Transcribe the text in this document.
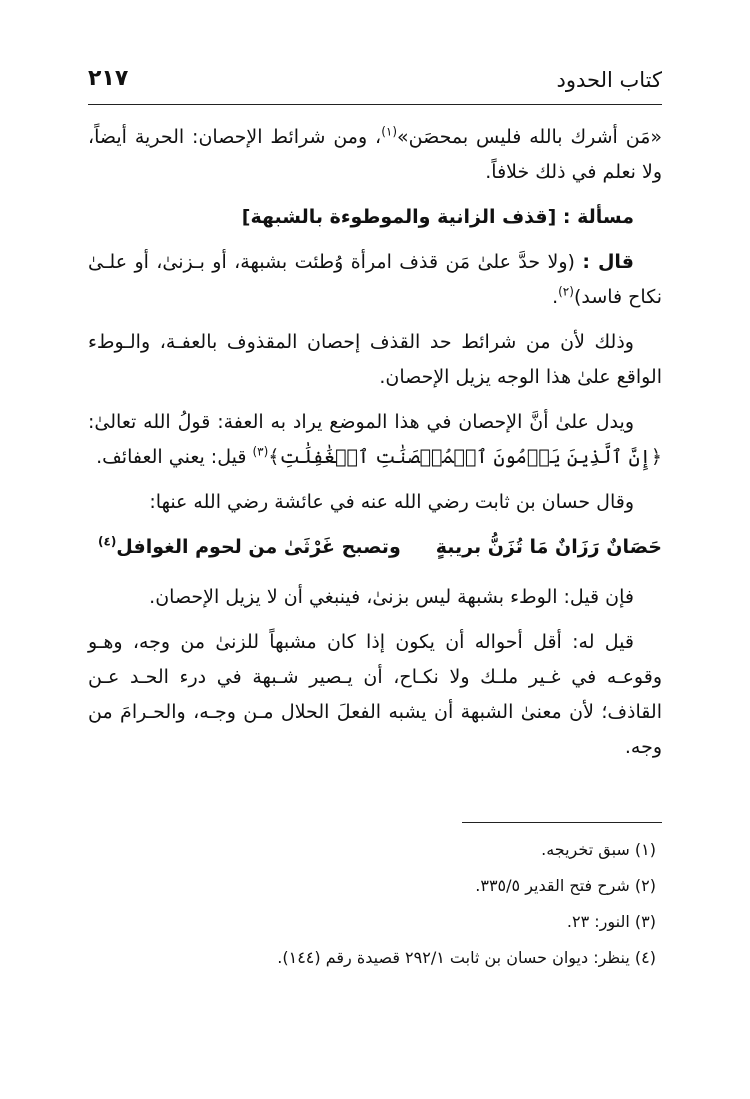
كتاب الحدود
٢١٧

«مَن أشرك بالله فليس بمحصَن»$^{(١)}$، ومن شرائط الإحصان: الحرية أيضاً، ولا نعلم في ذلك خلافاً.

مسألة : [قذف الزانية والموطوءة بالشبهة]

قال : (ولا حدَّ علىٰ مَن قذف امرأة وُطئت بشبهة، أو بـزنىٰ، أو علـىٰ نكاح فاسد)$^{(٢)}$.

وذلك لأن من شرائط حد القذف إحصان المقذوف بالعفـة، والـوطء الواقع علىٰ هذا الوجه يزيل الإحصان.

ويدل علىٰ أنَّ الإحصان في هذا الموضع يراد به العفة: قولُ الله تعالىٰ: ﴿إِنَّ ٱلَّذِينَ يَرۡمُونَ ٱلۡمُحۡصَنَٰتِ ٱلۡغَٰفِلَٰتِ﴾$^{(٣)}$ قيل: يعني العفائف.

وقال حسان بن ثابت رضي الله عنه في عائشة رضي الله عنها:

حَصَانٌ رَزَانٌ مَا تُزَنُّ بريبةٍ
وتصبح غَرْثَىٰ من لحوم الغوافل$^{(٤)}$

فإن قيل: الوطء بشبهة ليس بزنىٰ، فينبغي أن لا يزيل الإحصان.

قيل له: أقل أحواله أن يكون إذا كان مشبهاً للزنىٰ من وجه، وهـو وقوعـه في غـير ملـك ولا نكـاح، أن يـصير شـبهة في درء الحـد عـن القاذف؛ لأن معنىٰ الشبهة أن يشبه الفعلَ الحلال مـن وجـه، والحـرامَ من وجه.

(١) سبق تخريجه.
(٢) شرح فتح القدير ٣٣٥/٥.
(٣) النور: ٢٣.
(٤) ينظر: ديوان حسان بن ثابت ٢٩٢/١ قصيدة رقم (١٤٤).
